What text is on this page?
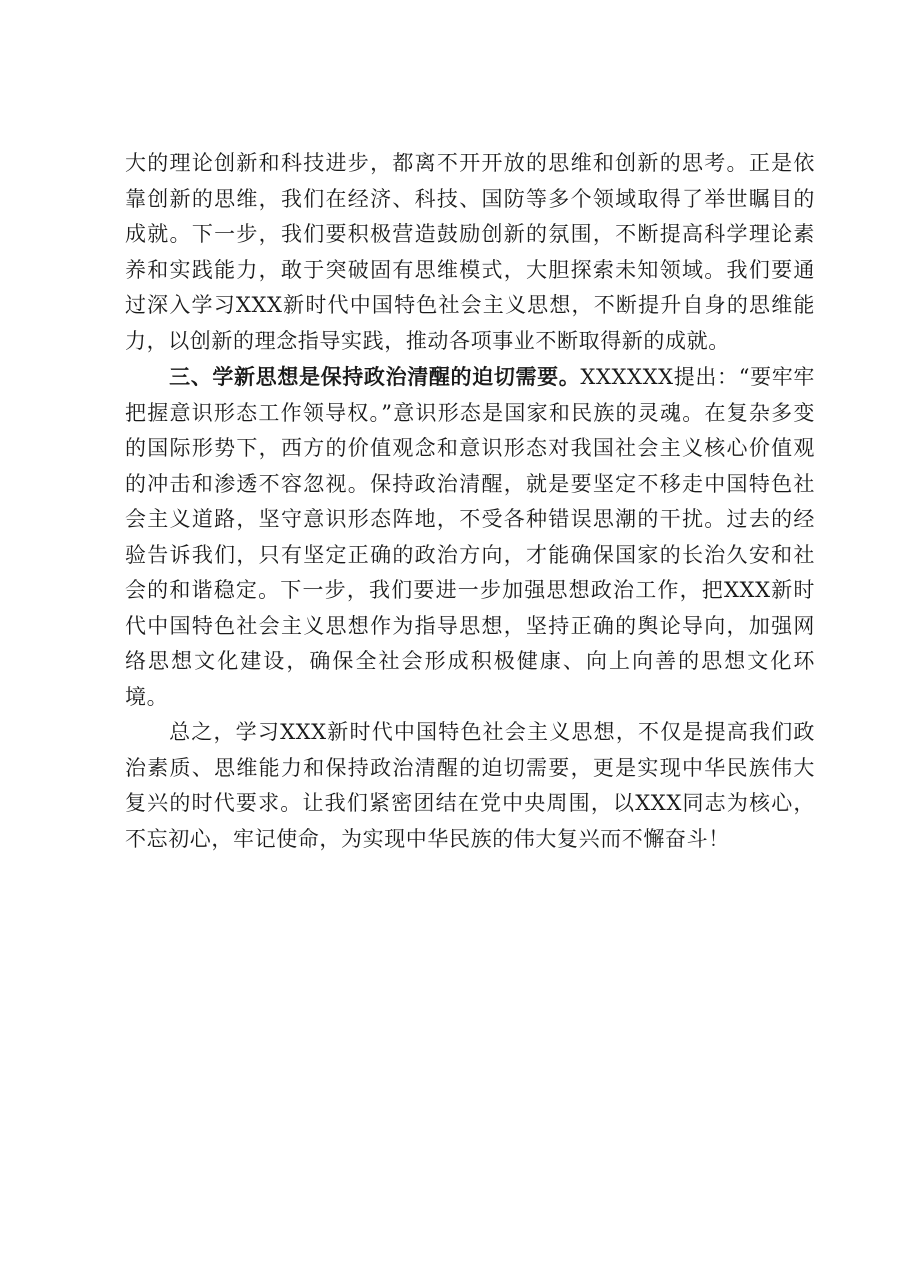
大的理论创新和科技进步，都离不开开放的思维和创新的思考。正是依靠创新的思维，我们在经济、科技、国防等多个领域取得了举世瞩目的成就。下一步，我们要积极营造鼓励创新的氛围，不断提高科学理论素养和实践能力，敢于突破固有思维模式，大胆探索未知领域。我们要通过深入学习XXX新时代中国特色社会主义思想，不断提升自身的思维能力，以创新的理念指导实践，推动各项事业不断取得新的成就。

三、学新思想是保持政治清醒的迫切需要。XXXXXX提出：“要牢牢把握意识形态工作领导权。”意识形态是国家和民族的灵魂。在复杂多变的国际形势下，西方的价值观念和意识形态对我国社会主义核心价值观的冲击和渗透不容忽视。保持政治清醒，就是要坚定不移走中国特色社会主义道路，坚守意识形态阵地，不受各种错误思潮的干扰。过去的经验告诉我们，只有坚定正确的政治方向，才能确保国家的长治久安和社会的和谐稳定。下一步，我们要进一步加强思想政治工作，把XXX新时代中国特色社会主义思想作为指导思想，坚持正确的舆论导向，加强网络思想文化建设，确保全社会形成积极健康、向上向善的思想文化环境。

总之，学习XXX新时代中国特色社会主义思想，不仅是提高我们政治素质、思维能力和保持政治清醒的迫切需要，更是实现中华民族伟大复兴的时代要求。让我们紧密团结在党中央周围，以XXX同志为核心，不忘初心，牢记使命，为实现中华民族的伟大复兴而不懈奋斗！
